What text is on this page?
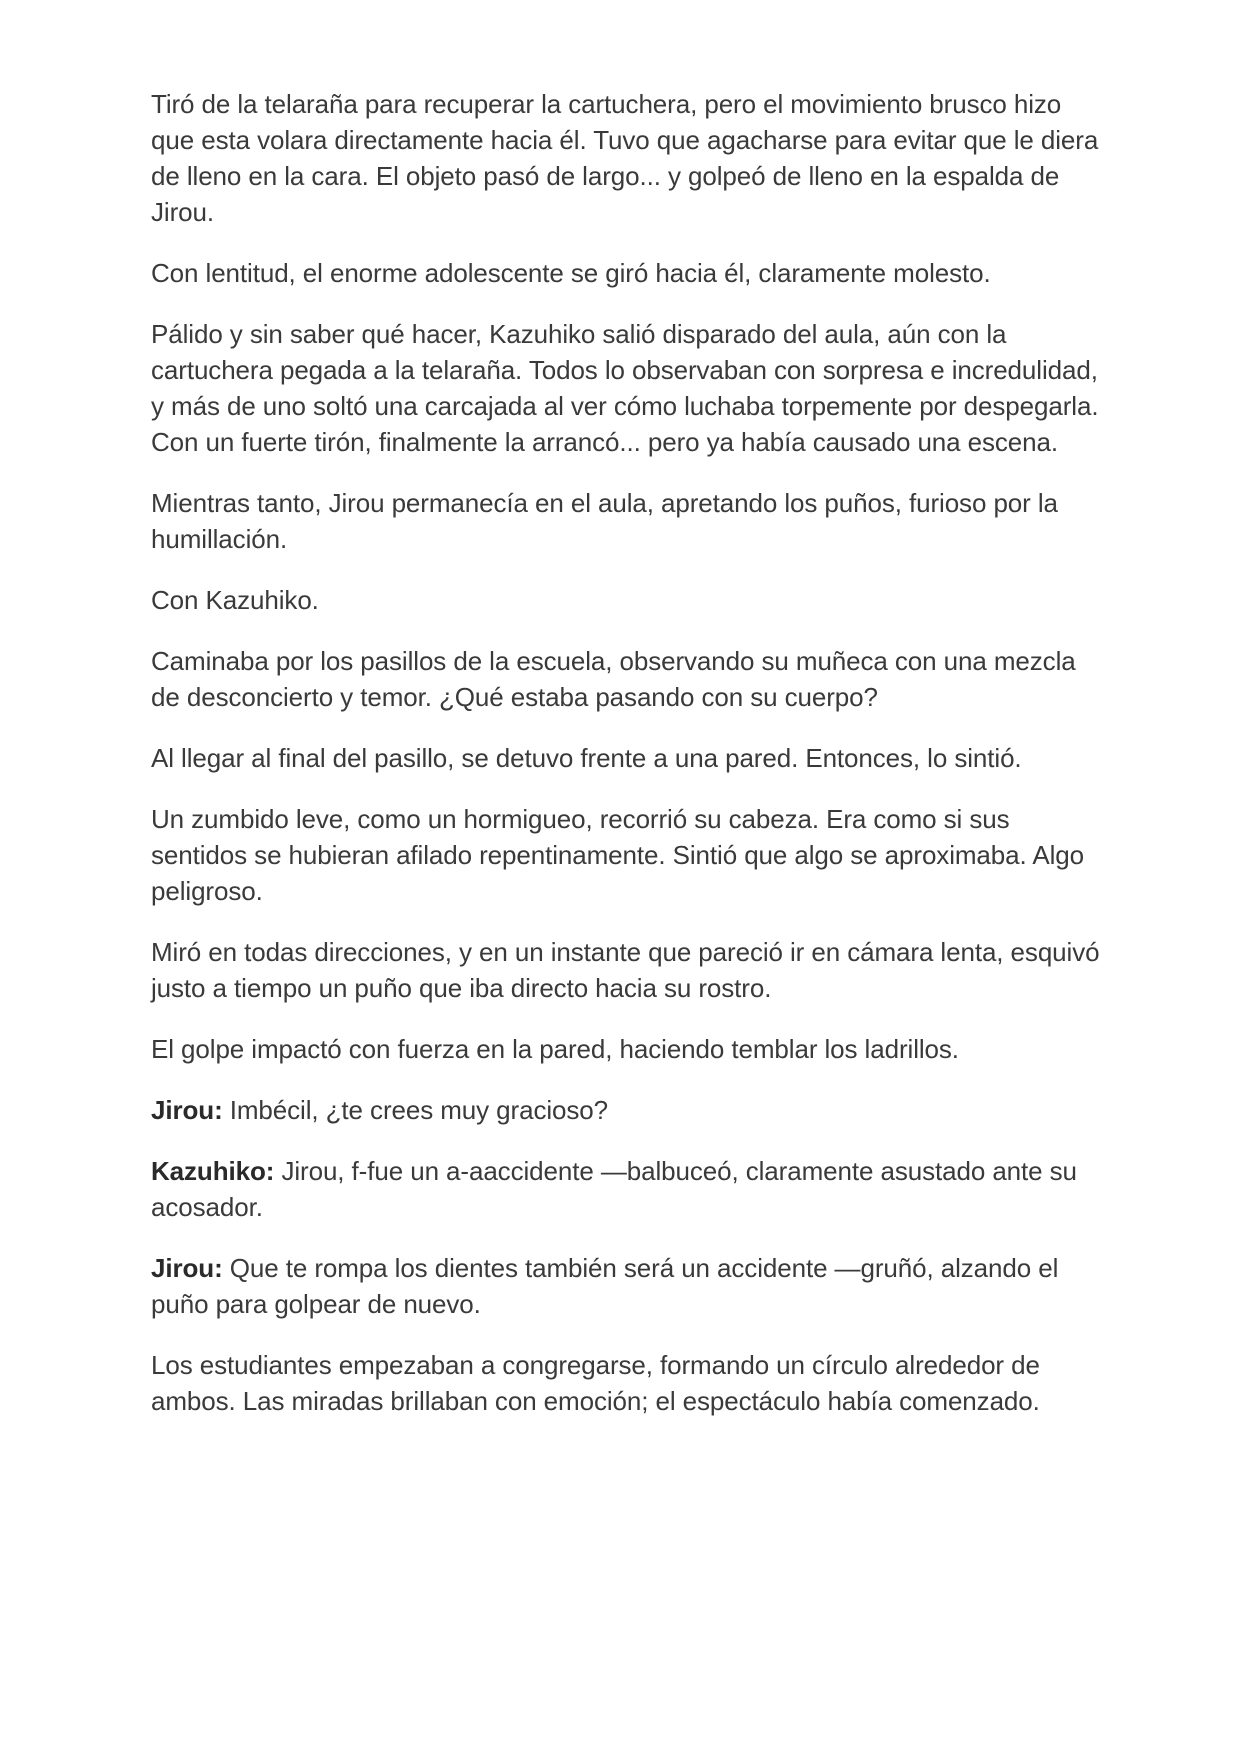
Tiró de la telaraña para recuperar la cartuchera, pero el movimiento brusco hizo que esta volara directamente hacia él. Tuvo que agacharse para evitar que le diera de lleno en la cara. El objeto pasó de largo... y golpeó de lleno en la espalda de Jirou.

Con lentitud, el enorme adolescente se giró hacia él, claramente molesto.

Pálido y sin saber qué hacer, Kazuhiko salió disparado del aula, aún con la cartuchera pegada a la telaraña. Todos lo observaban con sorpresa e incredulidad, y más de uno soltó una carcajada al ver cómo luchaba torpemente por despegarla. Con un fuerte tirón, finalmente la arrancó... pero ya había causado una escena.

Mientras tanto, Jirou permanecía en el aula, apretando los puños, furioso por la humillación.

Con Kazuhiko.

Caminaba por los pasillos de la escuela, observando su muñeca con una mezcla de desconcierto y temor. ¿Qué estaba pasando con su cuerpo?

Al llegar al final del pasillo, se detuvo frente a una pared. Entonces, lo sintió.

Un zumbido leve, como un hormigueo, recorrió su cabeza. Era como si sus sentidos se hubieran afilado repentinamente. Sintió que algo se aproximaba. Algo peligroso.

Miró en todas direcciones, y en un instante que pareció ir en cámara lenta, esquivó justo a tiempo un puño que iba directo hacia su rostro.

El golpe impactó con fuerza en la pared, haciendo temblar los ladrillos.

Jirou: Imbécil, ¿te crees muy gracioso?

Kazuhiko: Jirou, f-fue un a-aaccidente —balbuceó, claramente asustado ante su acosador.

Jirou: Que te rompa los dientes también será un accidente —gruñó, alzando el puño para golpear de nuevo.

Los estudiantes empezaban a congregarse, formando un círculo alrededor de ambos. Las miradas brillaban con emoción; el espectáculo había comenzado.
